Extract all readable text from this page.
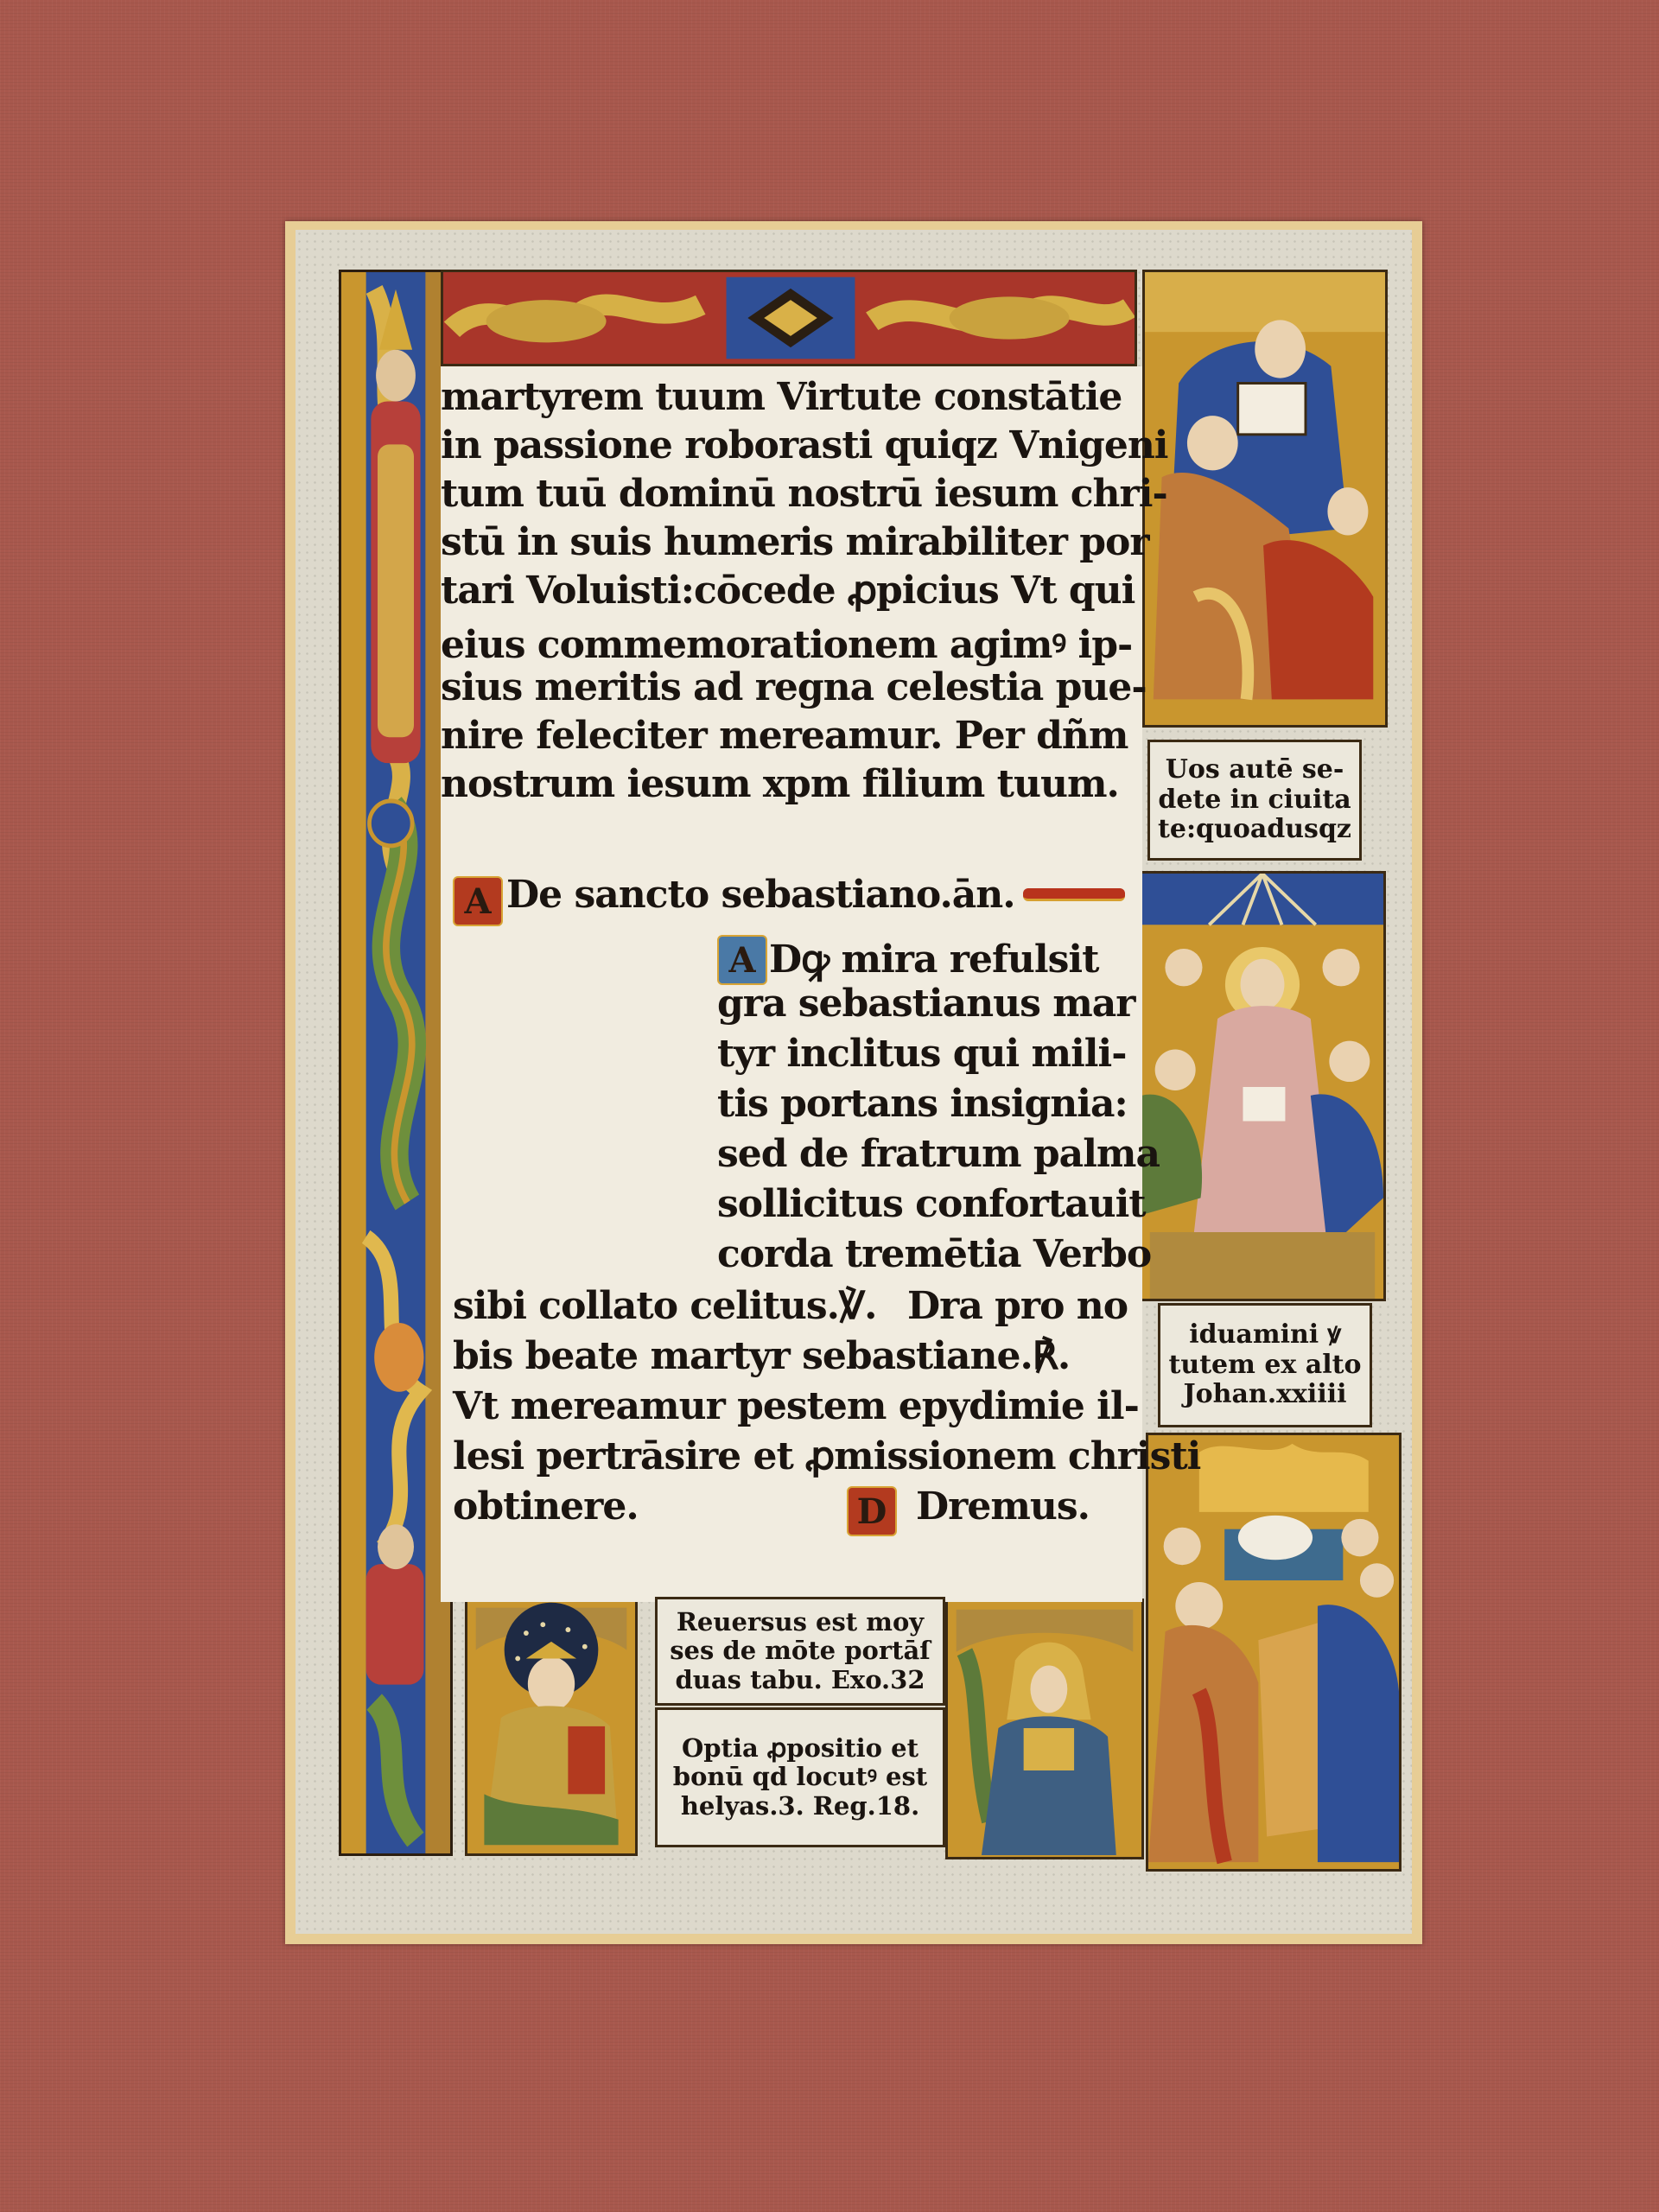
martyrem tuum Virtute constātie
in passione roborasti quiqz Vnigeni
tum tuū dominū nostrū iesum chri-
stū in suis humeris mirabiliter por
tari Voluisti:cōcede ꝓpicius Vt qui
eius commemorationem agimꝰ ip-
sius meritis ad regna celestia pue-
nire feleciter mereamur. Per dñm
nostrum iesum xpm filium tuum.
A De sancto sebastiano.ān.
A Dꝙ mira refulsit
gra sebastianus mar
tyr inclitus qui mili-
tis portans insignia:
sed de fratrum palma
sollicitus confortauit
corda tremētia Verbo
sibi collato celitus.℣. Dra pro no
bis beate martyr sebastiane.℟.
Vt mereamur pestem epydimie il-
lesi pertrāsire et ꝓmissionem christi
obtinere.	D Dremus.
Uos autē se-
dete in ciuita
te:quoadusqz
iduamini ꝟ
tutem ex alto
Johan.xxiiii
Reuersus est moy
ses de mōte portāſ
duas tabu. Exo.32
Optia ꝓpositio et
bonū qd locutꝰ est
helyas.3. Reg.18.
